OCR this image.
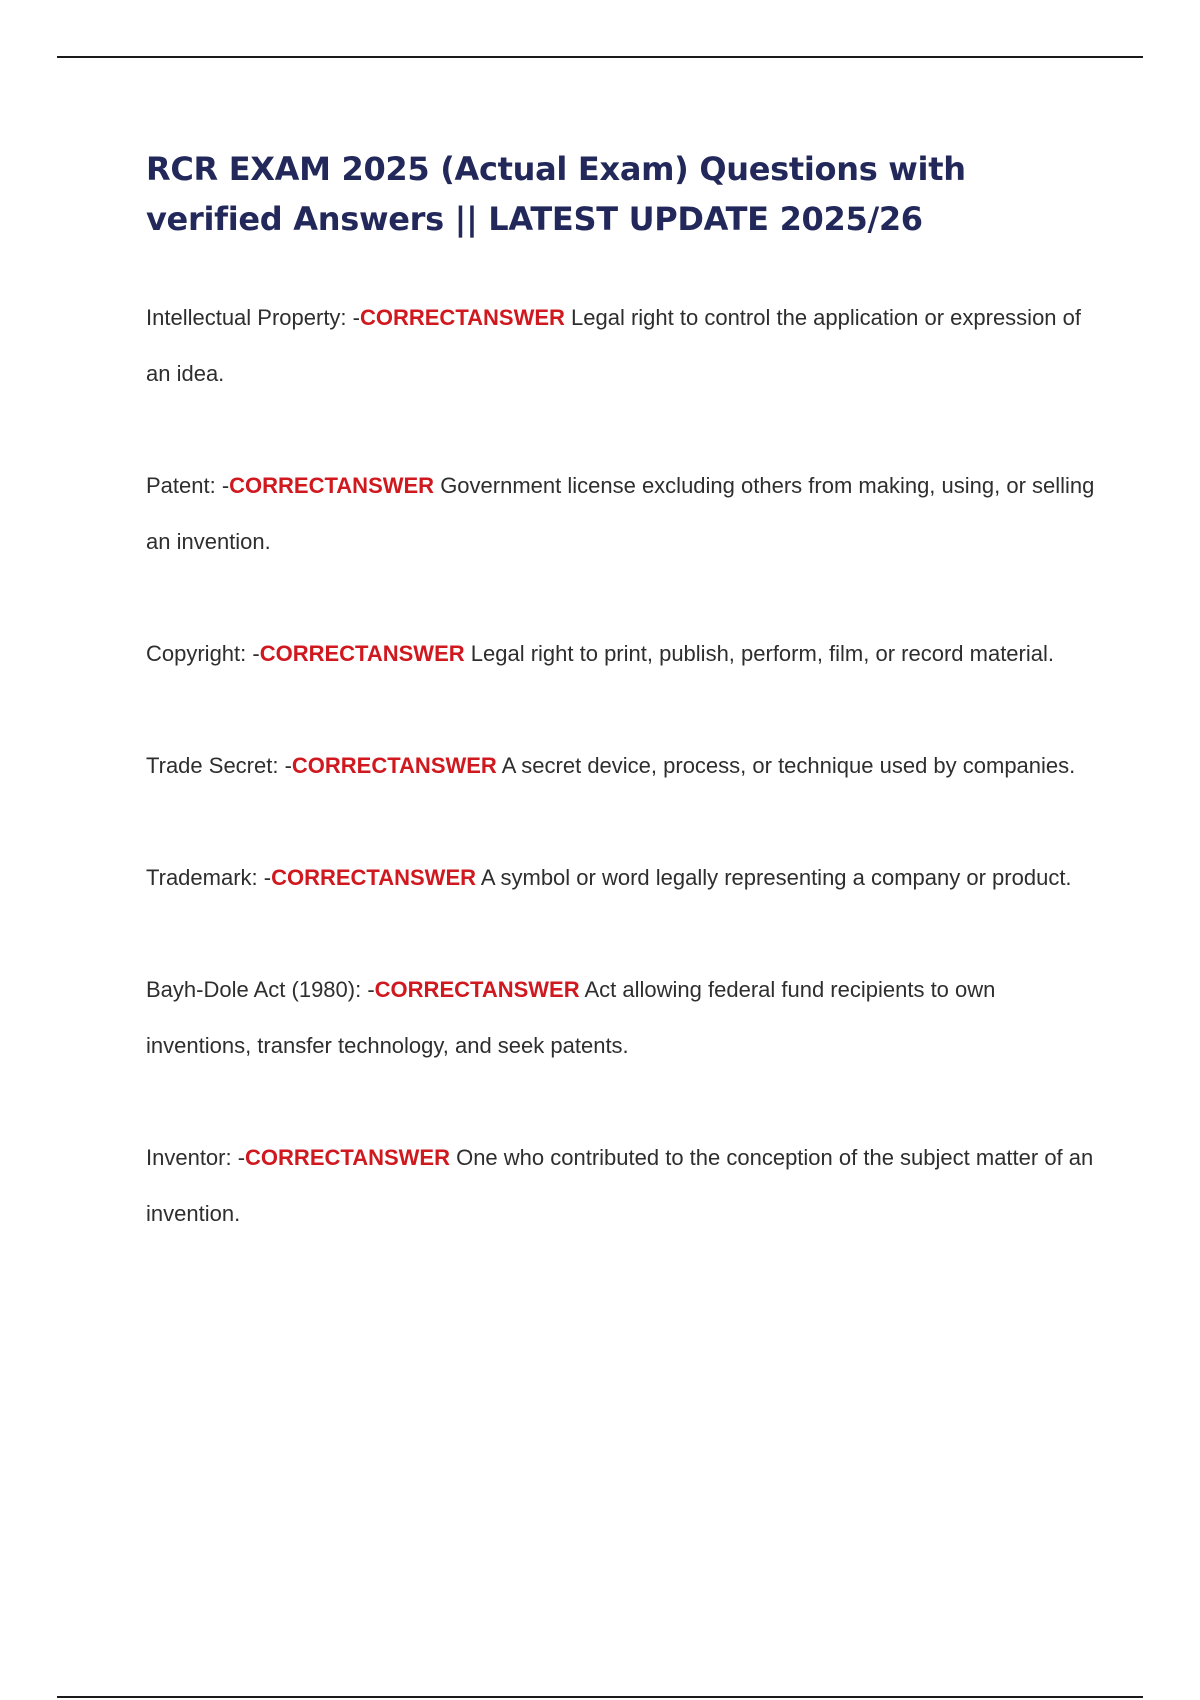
RCR EXAM 2025 (Actual Exam) Questions with verified Answers || LATEST UPDATE 2025/26

Intellectual Property: -CORRECTANSWER Legal right to control the application or expression of an idea.

Patent: -CORRECTANSWER Government license excluding others from making, using, or selling an invention.

Copyright: -CORRECTANSWER Legal right to print, publish, perform, film, or record material.

Trade Secret: -CORRECTANSWER A secret device, process, or technique used by companies.

Trademark: -CORRECTANSWER A symbol or word legally representing a company or product.

Bayh-Dole Act (1980): -CORRECTANSWER Act allowing federal fund recipients to own inventions, transfer technology, and seek patents.

Inventor: -CORRECTANSWER One who contributed to the conception of the subject matter of an invention.
